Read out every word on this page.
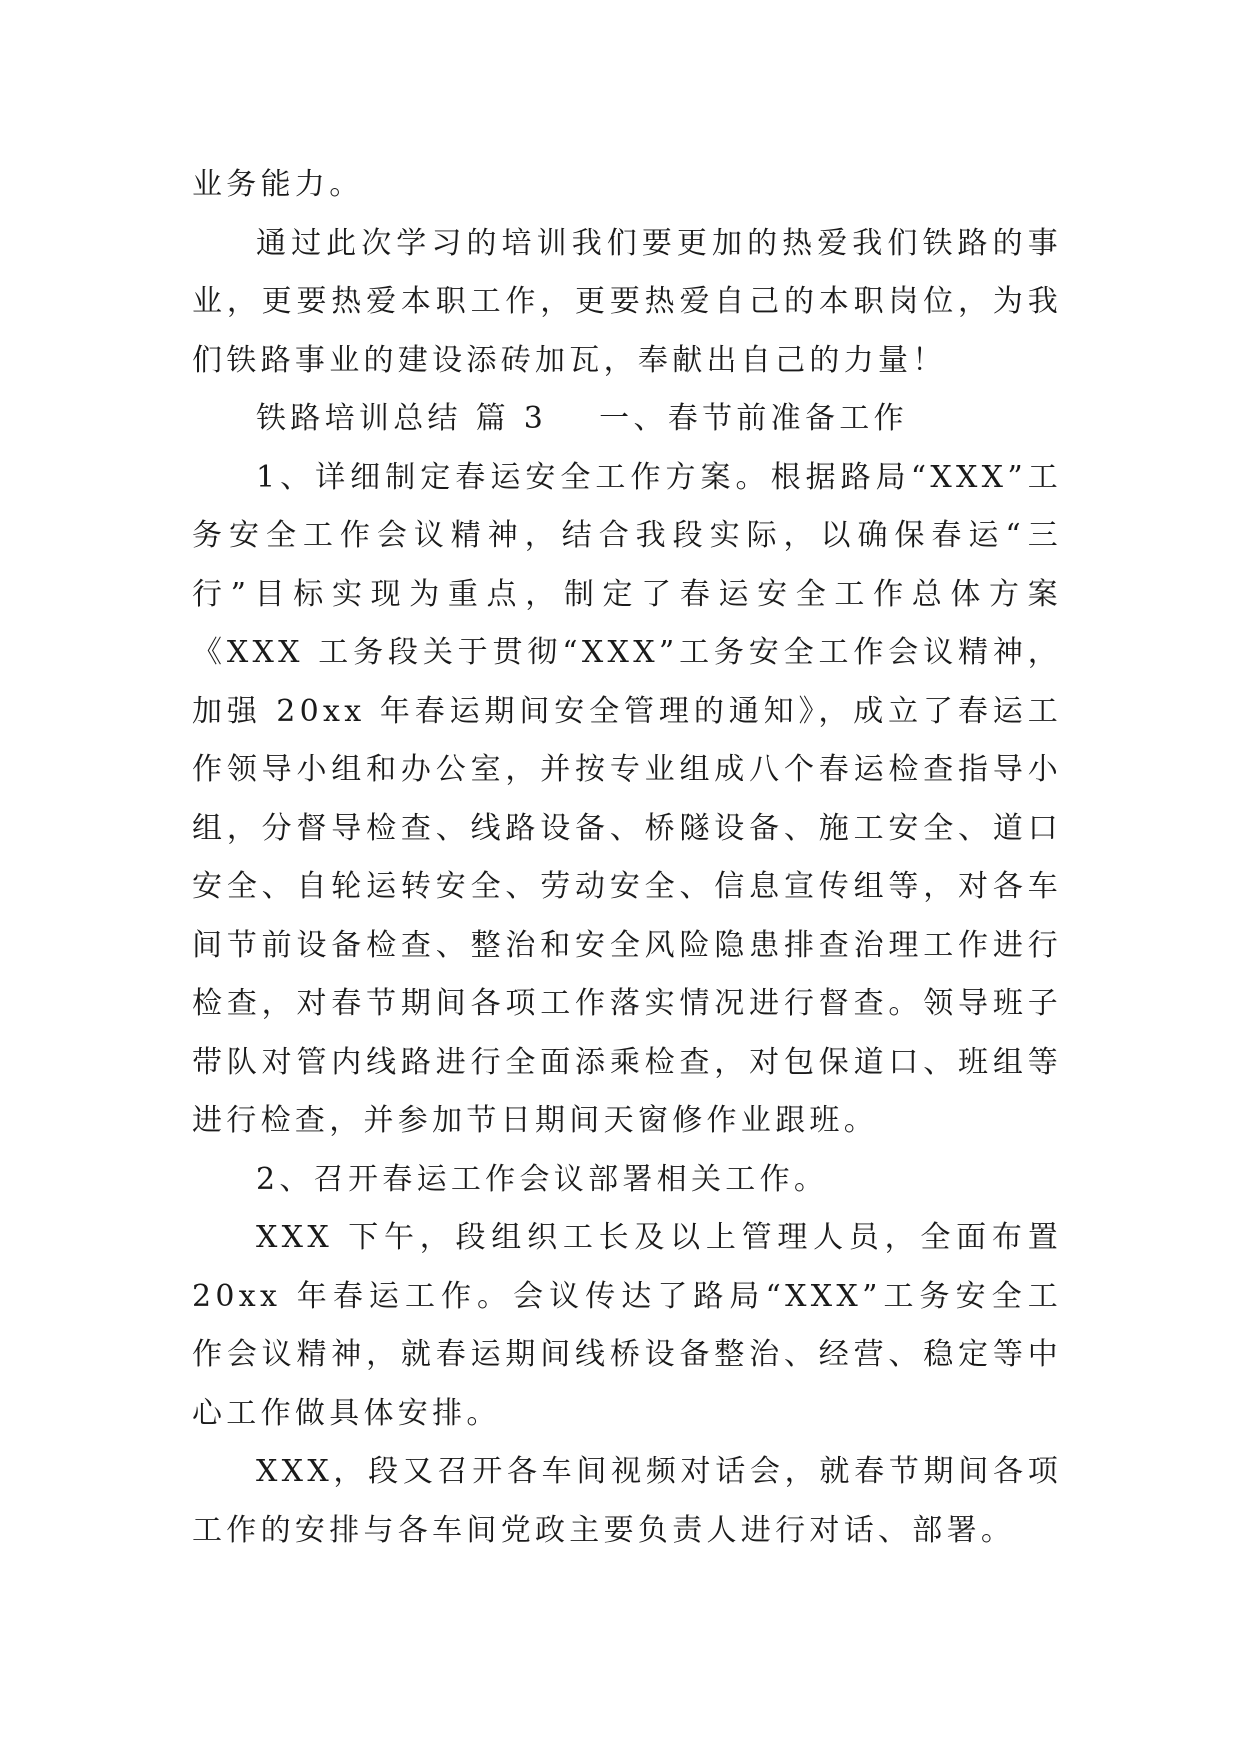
业务能力。

通过此次学习的培训我们要更加的热爱我们铁路的事业，更要热爱本职工作，更要热爱自己的本职岗位，为我们铁路事业的建设添砖加瓦，奉献出自己的力量！

铁路培训总结 篇 3 一、春节前准备工作

1、详细制定春运安全工作方案。根据路局“XXX”工务安全工作会议精神，结合我段实际，以确保春运“三行”目标实现为重点，制定了春运安全工作总体方案《XXX 工务段关于贯彻“XXX”工务安全工作会议精神，加强 20xx 年春运期间安全管理的通知》，成立了春运工作领导小组和办公室，并按专业组成八个春运检查指导小组，分督导检查、线路设备、桥隧设备、施工安全、道口安全、自轮运转安全、劳动安全、信息宣传组等，对各车间节前设备检查、整治和安全风险隐患排查治理工作进行检查，对春节期间各项工作落实情况进行督查。领导班子带队对管内线路进行全面添乘检查，对包保道口、班组等进行检查，并参加节日期间天窗修作业跟班。

2、召开春运工作会议部署相关工作。

XXX 下午，段组织工长及以上管理人员，全面布置 20xx 年春运工作。会议传达了路局“XXX”工务安全工作会议精神，就春运期间线桥设备整治、经营、稳定等中心工作做具体安排。

XXX，段又召开各车间视频对话会，就春节期间各项工作的安排与各车间党政主要负责人进行对话、部署。
